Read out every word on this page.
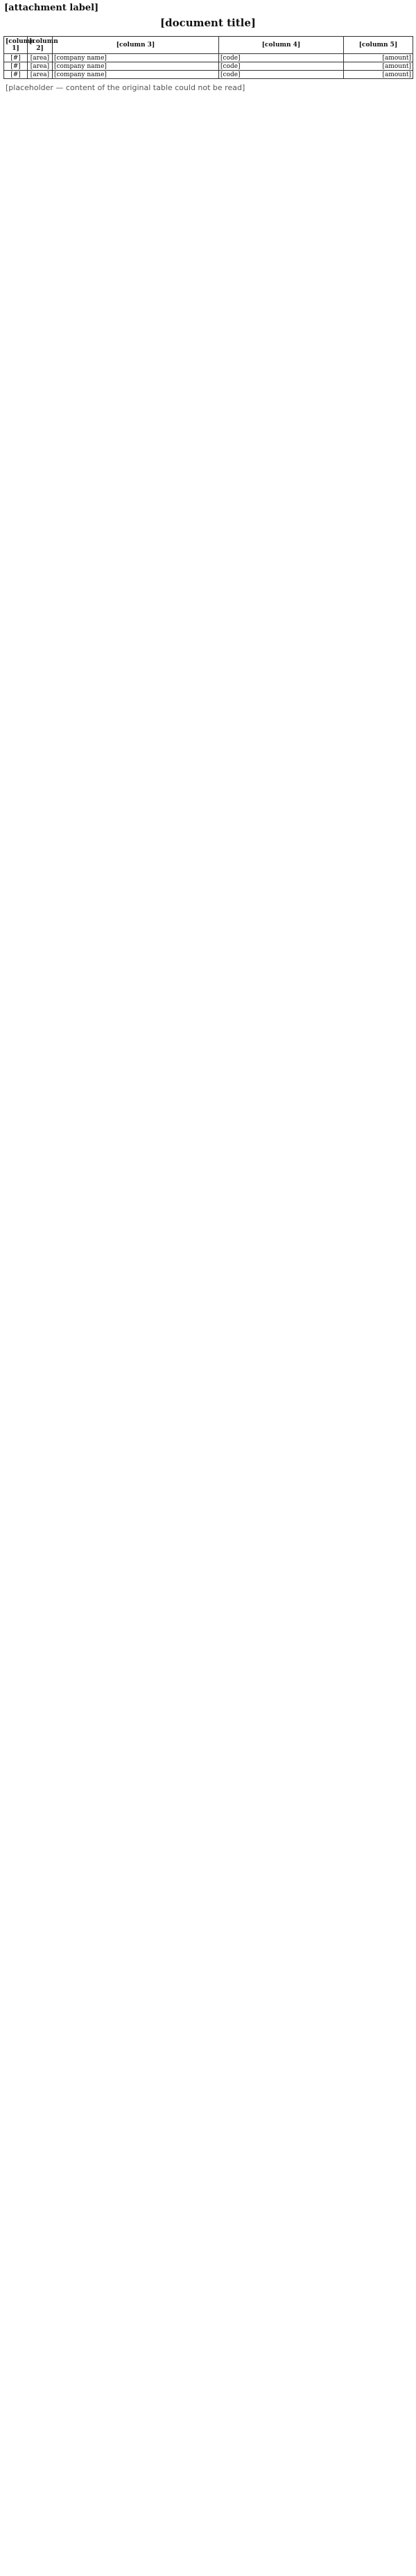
[attachment label]
[document title]
[column 1]	[column 2]	[column 3]	[column 4]	[column 5]
[#]	[area]	[company name]	[code]	[amount]
[#]	[area]	[company name]	[code]	[amount]
[#]	[area]	[company name]	[code]	[amount]
[placeholder — content of the original table could not be read]
